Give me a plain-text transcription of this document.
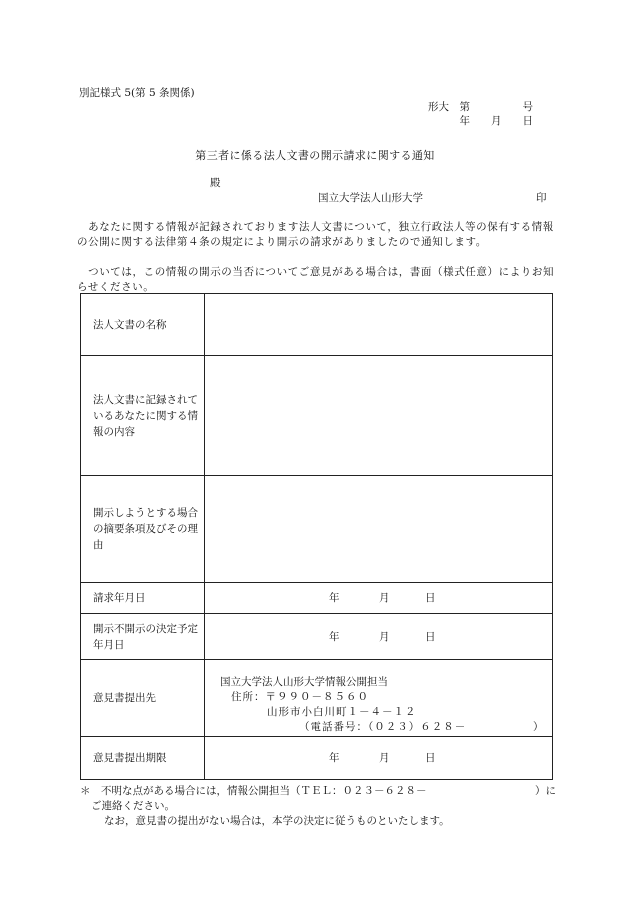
別記様式 5(第 5 条関係)
形大　第　　　　　号
年　　月　　日
第三者に係る法人文書の開示請求に関する通知
殿
国立大学法人山形大学	印
　あなたに関する情報が記録されております法人文書について，独立行政法人等の保有する情報の公開に関する法律第４条の規定により開示の請求がありましたので通知します。
　ついては，この情報の開示の当否についてご意見がある場合は，書面（様式任意）によりお知らせください。
法人文書の名称	
法人文書に記録されているあなたに関する情報の内容	
開示しようとする場合の摘要条項及びその理由	
請求年月日	年 月 日

開示不開示の決定予定年月日	年 月 日

意見書提出先	国立大学法人山形大学情報公開担当
住所：〒９９０－８５６０
山形市小白川町１－４－１２
（電話番号：（０２３）６２８－ ）

意見書提出期限	年 月 日
＊　不明な点がある場合には，情報公開担当（ＴＥＬ：０２３－６２８－	）に
ご連絡ください。
なお，意見書の提出がない場合は，本学の決定に従うものといたします。
